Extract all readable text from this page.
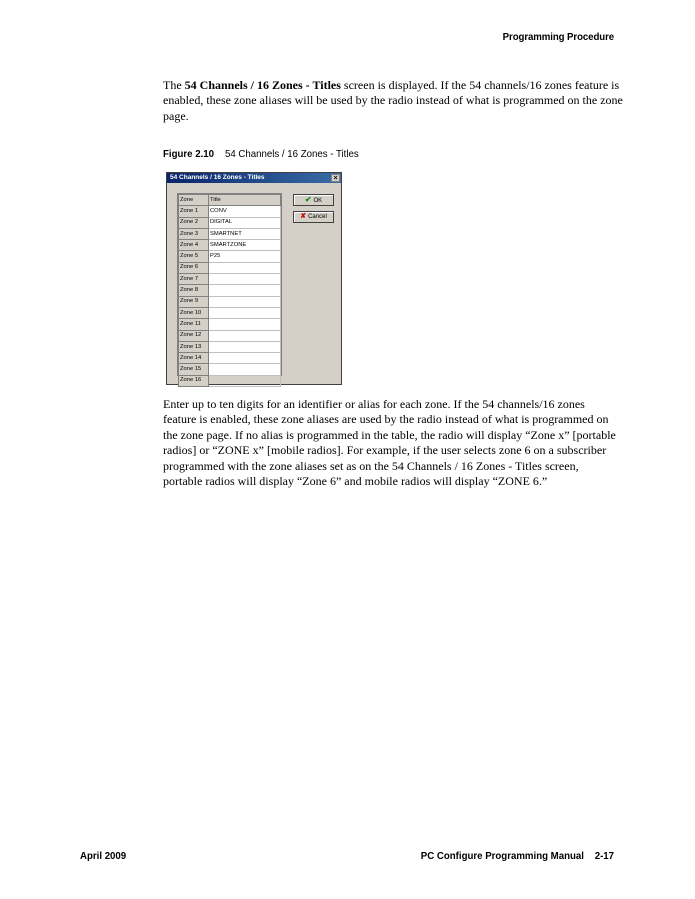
Programming Procedure

The 54 Channels / 16 Zones - Titles screen is displayed. If the 54 channels/16 zones feature is enabled, these zone aliases will be used by the radio instead of what is programmed on the zone page.

Figure 2.10 54 Channels / 16 Zones - Titles
54 Channels / 16 Zones - Titles	×
Zone	Title
Zone 1	CONV
Zone 2	DIGITAL
Zone 3	SMARTNET
Zone 4	SMARTZONE
Zone 5	P25
Zone 6	
Zone 7	
Zone 8	
Zone 9	
Zone 10	
Zone 11	
Zone 12	
Zone 13	
Zone 14	
Zone 15	
Zone 16	
✔ OK
✘ Cancel

Enter up to ten digits for an identifier or alias for each zone. If the 54 channels/16 zones feature is enabled, these zone aliases are used by the radio instead of what is programmed on the zone page. If no alias is programmed in the table, the radio will display “Zone x” [portable radios] or “ZONE x” [mobile radios]. For example, if the user selects zone 6 on a subscriber programmed with the zone aliases set as on the 54 Channels / 16 Zones - Titles screen, portable radios will display “Zone 6” and mobile radios will display “ZONE 6.”

April 2009	PC Configure Programming Manual    2-17
